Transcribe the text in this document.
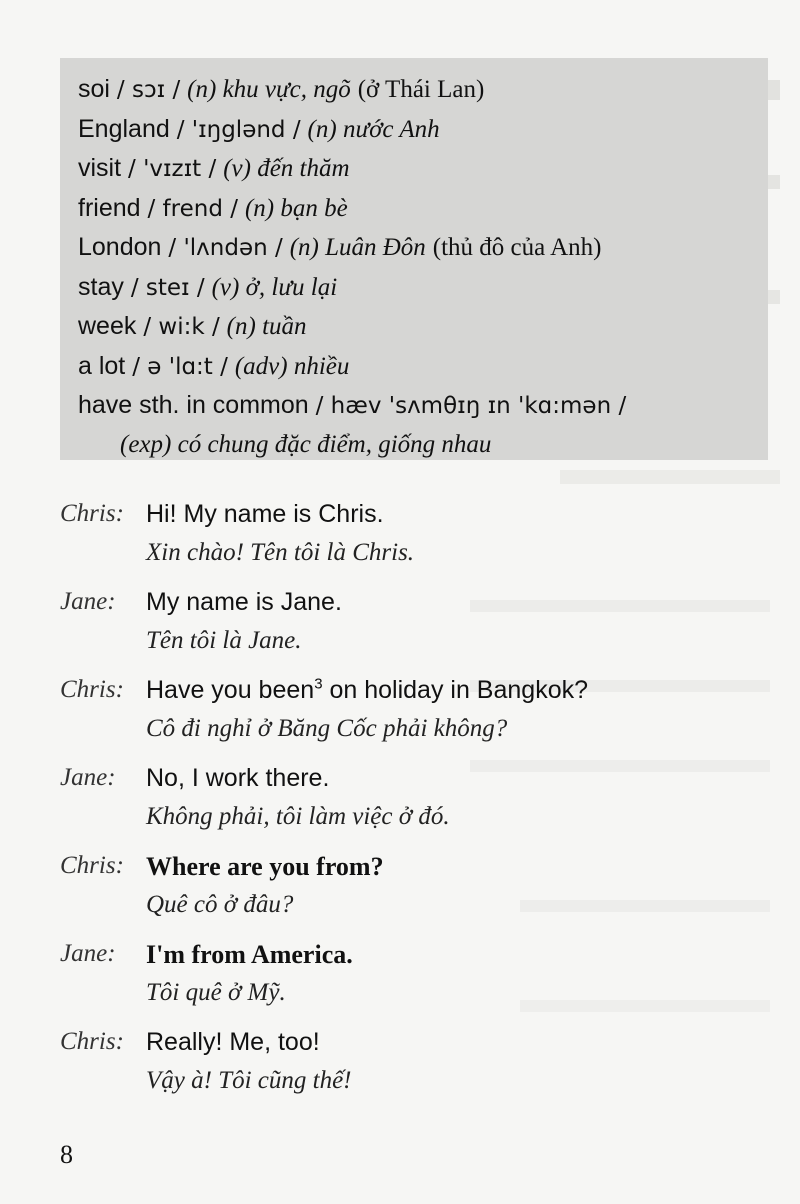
soi / sɔɪ / (n) khu vực, ngõ (ở Thái Lan)
England / 'ɪŋglənd / (n) nước Anh
visit / 'vɪzɪt / (v) đến thăm
friend / frend / (n) bạn bè
London / 'lʌndən / (n) Luân Đôn (thủ đô của Anh)
stay / steɪ / (v) ở, lưu lại
week / wi:k / (n) tuần
a lot / ə 'lɑ:t / (adv) nhiều
have sth. in common / hæv 'sʌmθɪŋ ɪn 'kɑ:mən /
(exp) có chung đặc điểm, giống nhau
Chris: Hi! My name is Chris.
Xin chào! Tên tôi là Chris.
Jane: My name is Jane.
Tên tôi là Jane.
Chris: Have you been$^3$ on holiday in Bangkok?
Cô đi nghỉ ở Băng Cốc phải không?
Jane: No, I work there.
Không phải, tôi làm việc ở đó.
Chris: Where are you from?
Quê cô ở đâu?
Jane: I'm from America.
Tôi quê ở Mỹ.
Chris: Really! Me, too!
Vậy à! Tôi cũng thế!
8
